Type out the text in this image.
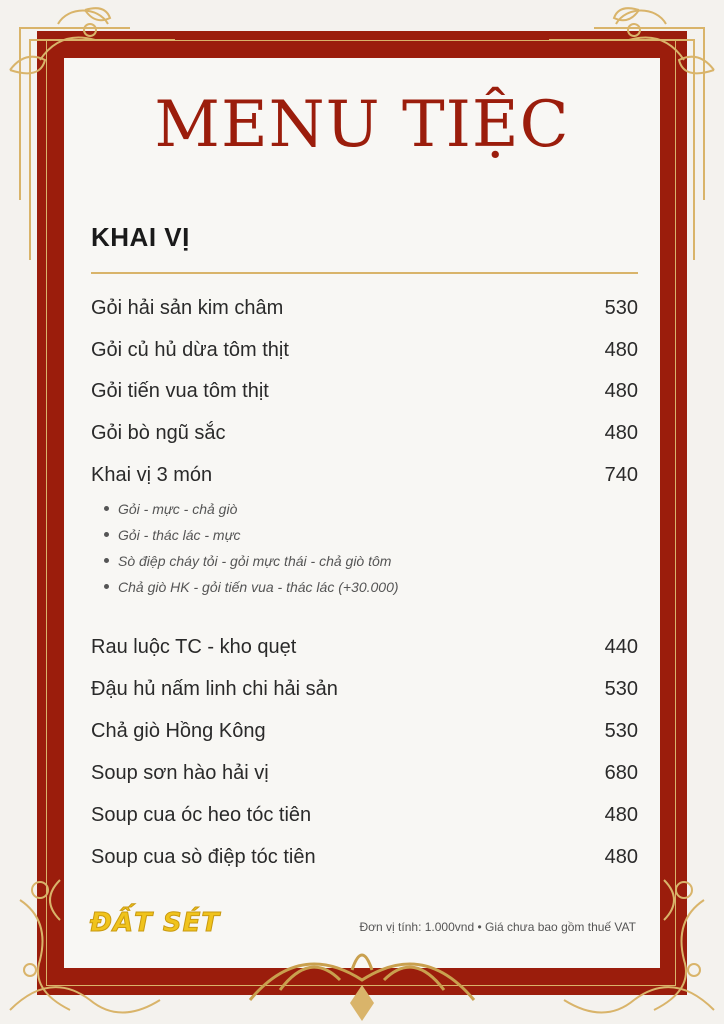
MENU TIỆC
KHAI VỊ
Gỏi hải sản kim châm	530
Gỏi củ hủ dừa tôm thịt	480
Gỏi tiến vua tôm thịt	480
Gỏi bò ngũ sắc	480
Khai vị 3 món	740
Gỏi - mực - chả giò
Gỏi - thác lác - mực
Sò điệp cháy tỏi - gỏi mực thái - chả giò tôm
Chả giò HK - gỏi tiến vua - thác lác (+30.000)
Rau luộc TC - kho quẹt	440
Đậu hủ nấm linh chi hải sản	530
Chả giò Hồng Kông	530
Soup sơn hào hải vị	680
Soup cua óc heo tóc tiên	480
Soup cua sò điệp tóc tiên	480
ĐẤT SÉT	Đơn vị tính: 1.000vnd • Giá chưa bao gồm thuế VAT
